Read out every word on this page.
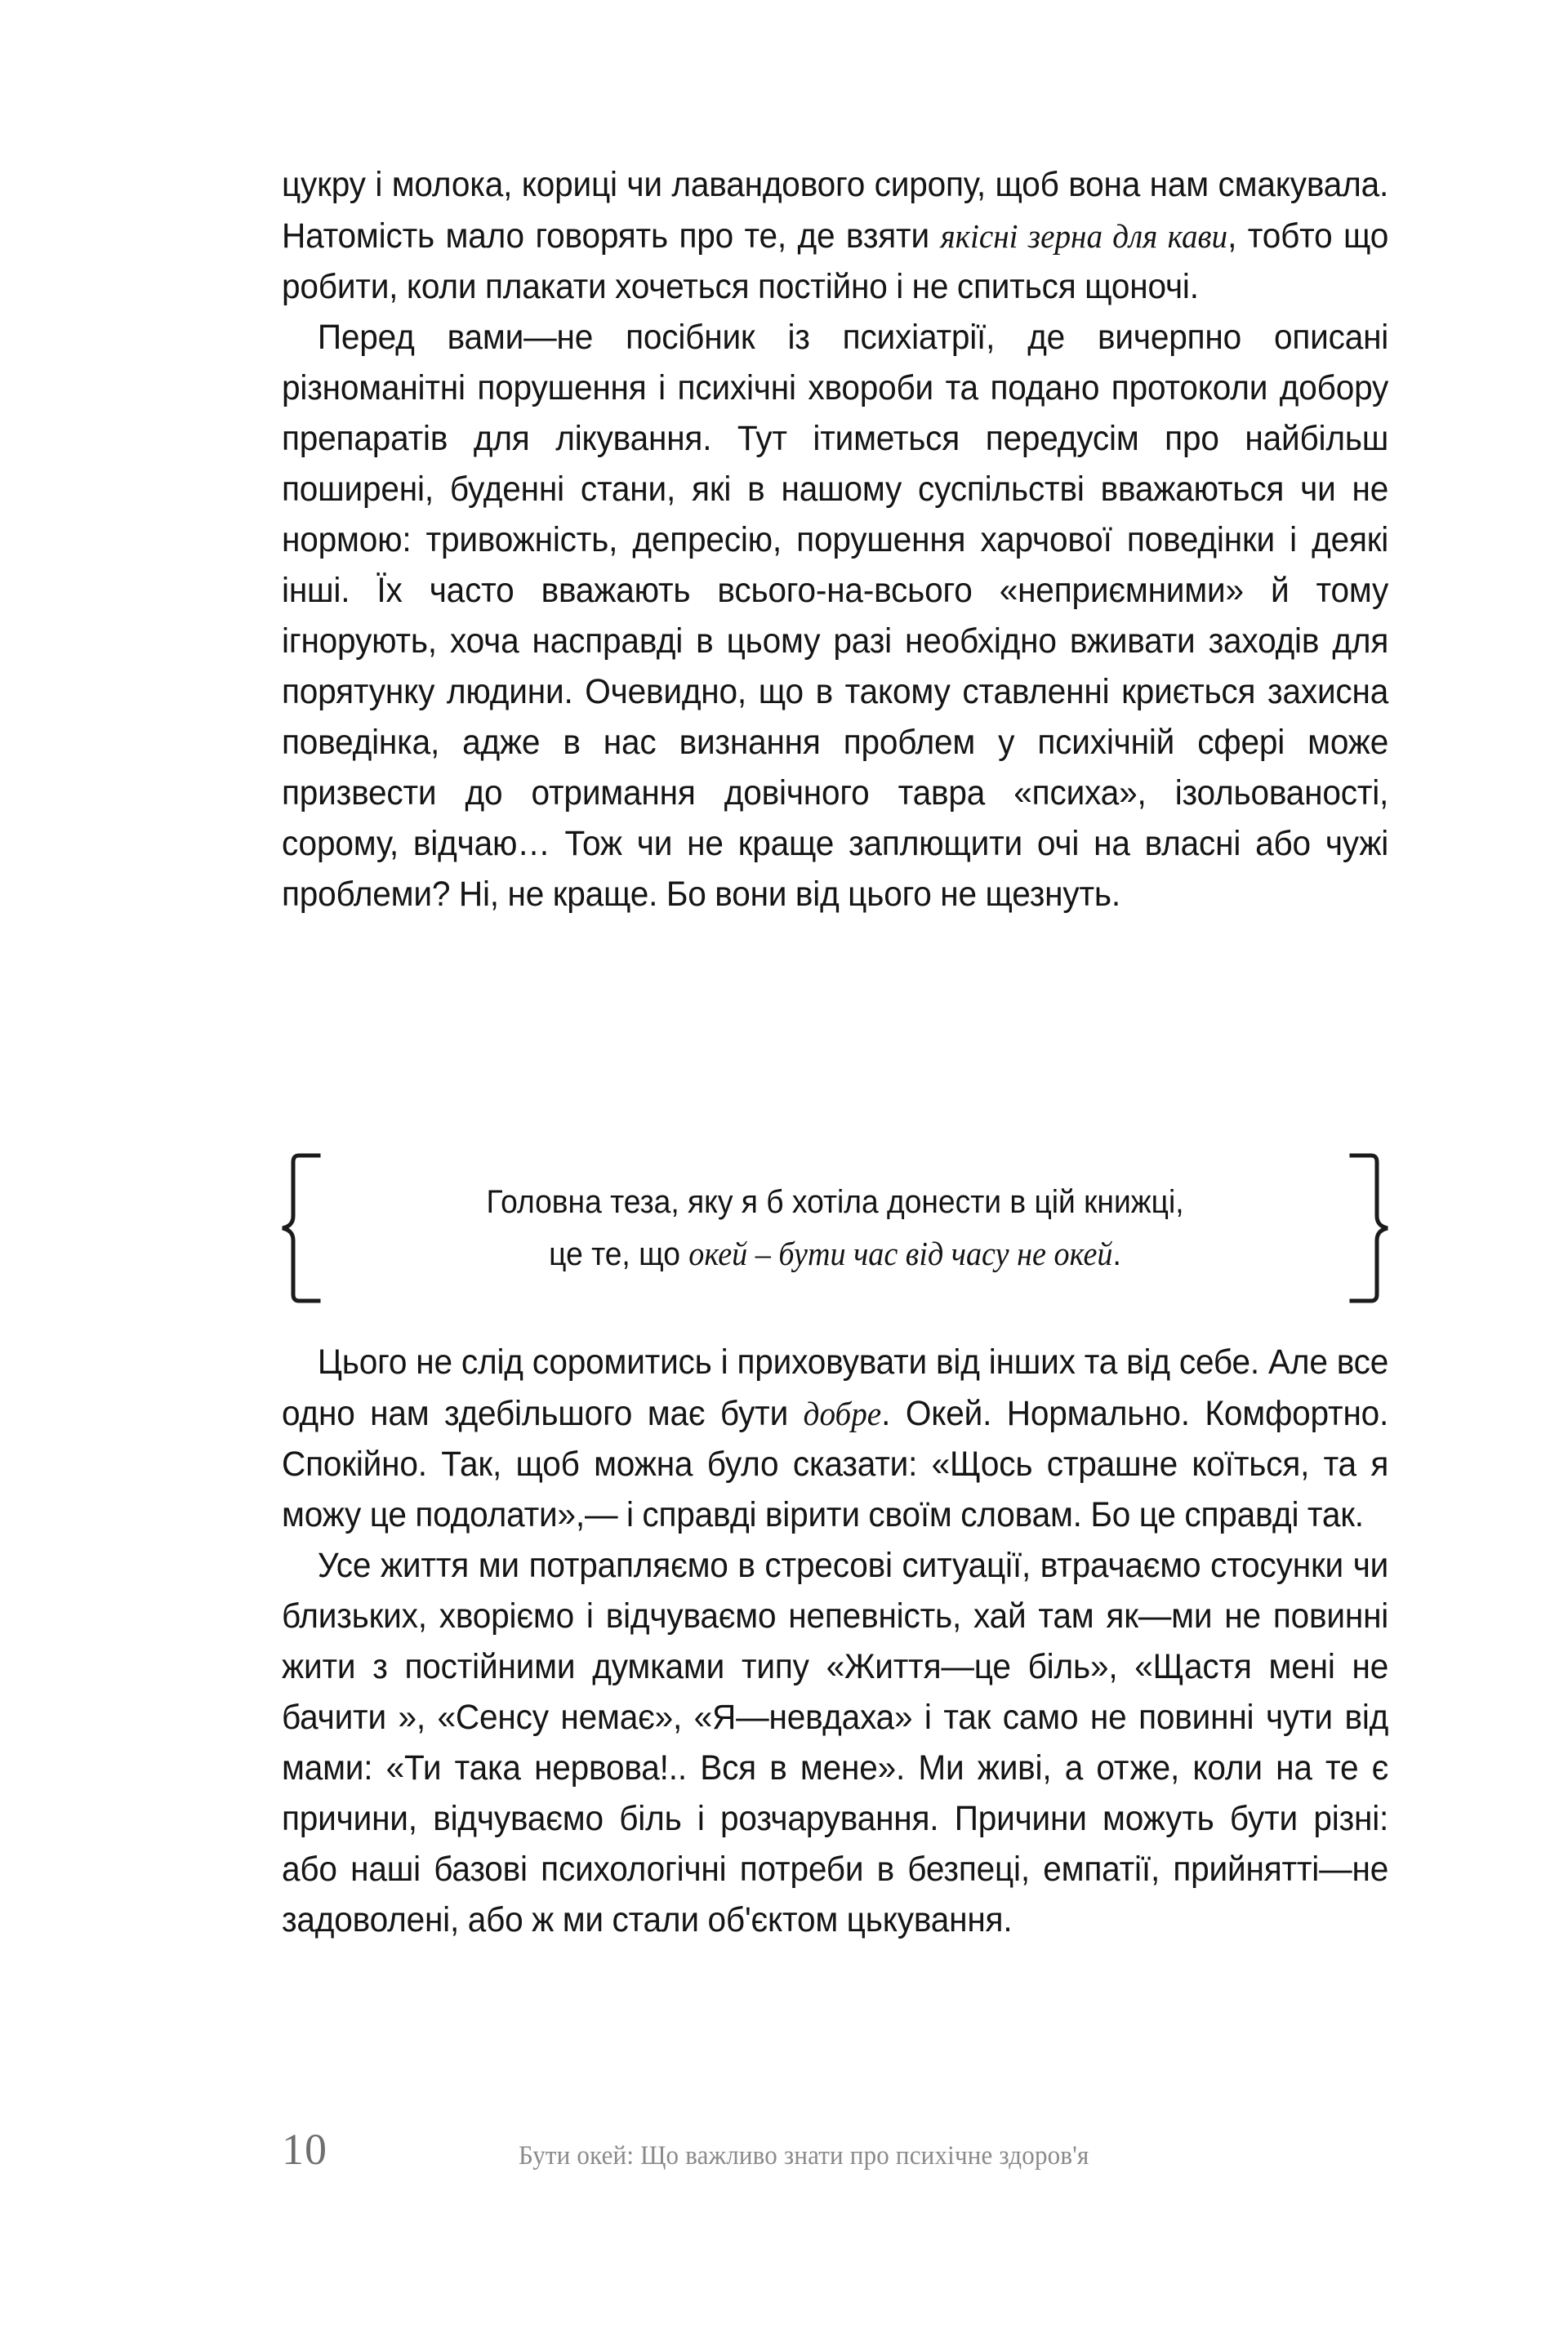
цукру і молока, кориці чи лавандового сиропу, щоб вона нам смакувала. Натомість мало говорять про те, де взяти якісні зерна для кави, тобто що робити, коли плакати хочеться постійно і не спиться щоночі.

Перед вами—не посібник із психіатрії, де вичерпно описані різноманітні порушення і психічні хвороби та подано протоколи добору препаратів для лікування. Тут ітиметься передусім про найбільш поширені, буденні стани, які в нашому суспільстві вважаються чи не нормою: тривожність, депресію, порушення харчової поведінки і деякі інші. Їх часто вважають всього-на-всього «неприємними» й тому ігнорують, хоча насправді в цьому разі необхідно вживати заходів для порятунку людини. Очевидно, що в такому ставленні криється захисна поведінка, адже в нас визнання проблем у психічній сфері може призвести до отримання довічного тавра «психа», ізольованості, сорому, відчаю… Тож чи не краще заплющити очі на власні або чужі проблеми? Ні, не краще. Бо вони від цього не щезнуть.

Головна теза, яку я б хотіла донести в цій книжці,
це те, що окей – бути час від часу не окей.

Цього не слід соромитись і приховувати від інших та від себе. Але все одно нам здебільшого має бути добре. Окей. Нормально. Комфортно. Спокійно. Так, щоб можна було сказати: «Щось страшне коїться, та я можу це подолати»,— і справді вірити своїм словам. Бо це справді так.

Усе життя ми потрапляємо в стресові ситуації, втрачаємо стосунки чи близьких, хворіємо і відчуваємо непевність, хай там як—ми не повинні жити з постійними думками типу «Життя—це біль», «Щастя мені не бачити », «Сенсу немає», «Я—невдаха» і так само не повинні чути від мами: «Ти така нервова!.. Вся в мене». Ми живі, а отже, коли на те є причини, відчуваємо біль і розчарування. Причини можуть бути різні: або наші базові психологічні потреби в безпеці, емпатії, прийнятті—не задоволені, або ж ми стали об'єктом цькування.

10	Бути окей: Що важливо знати про психічне здоров'я
